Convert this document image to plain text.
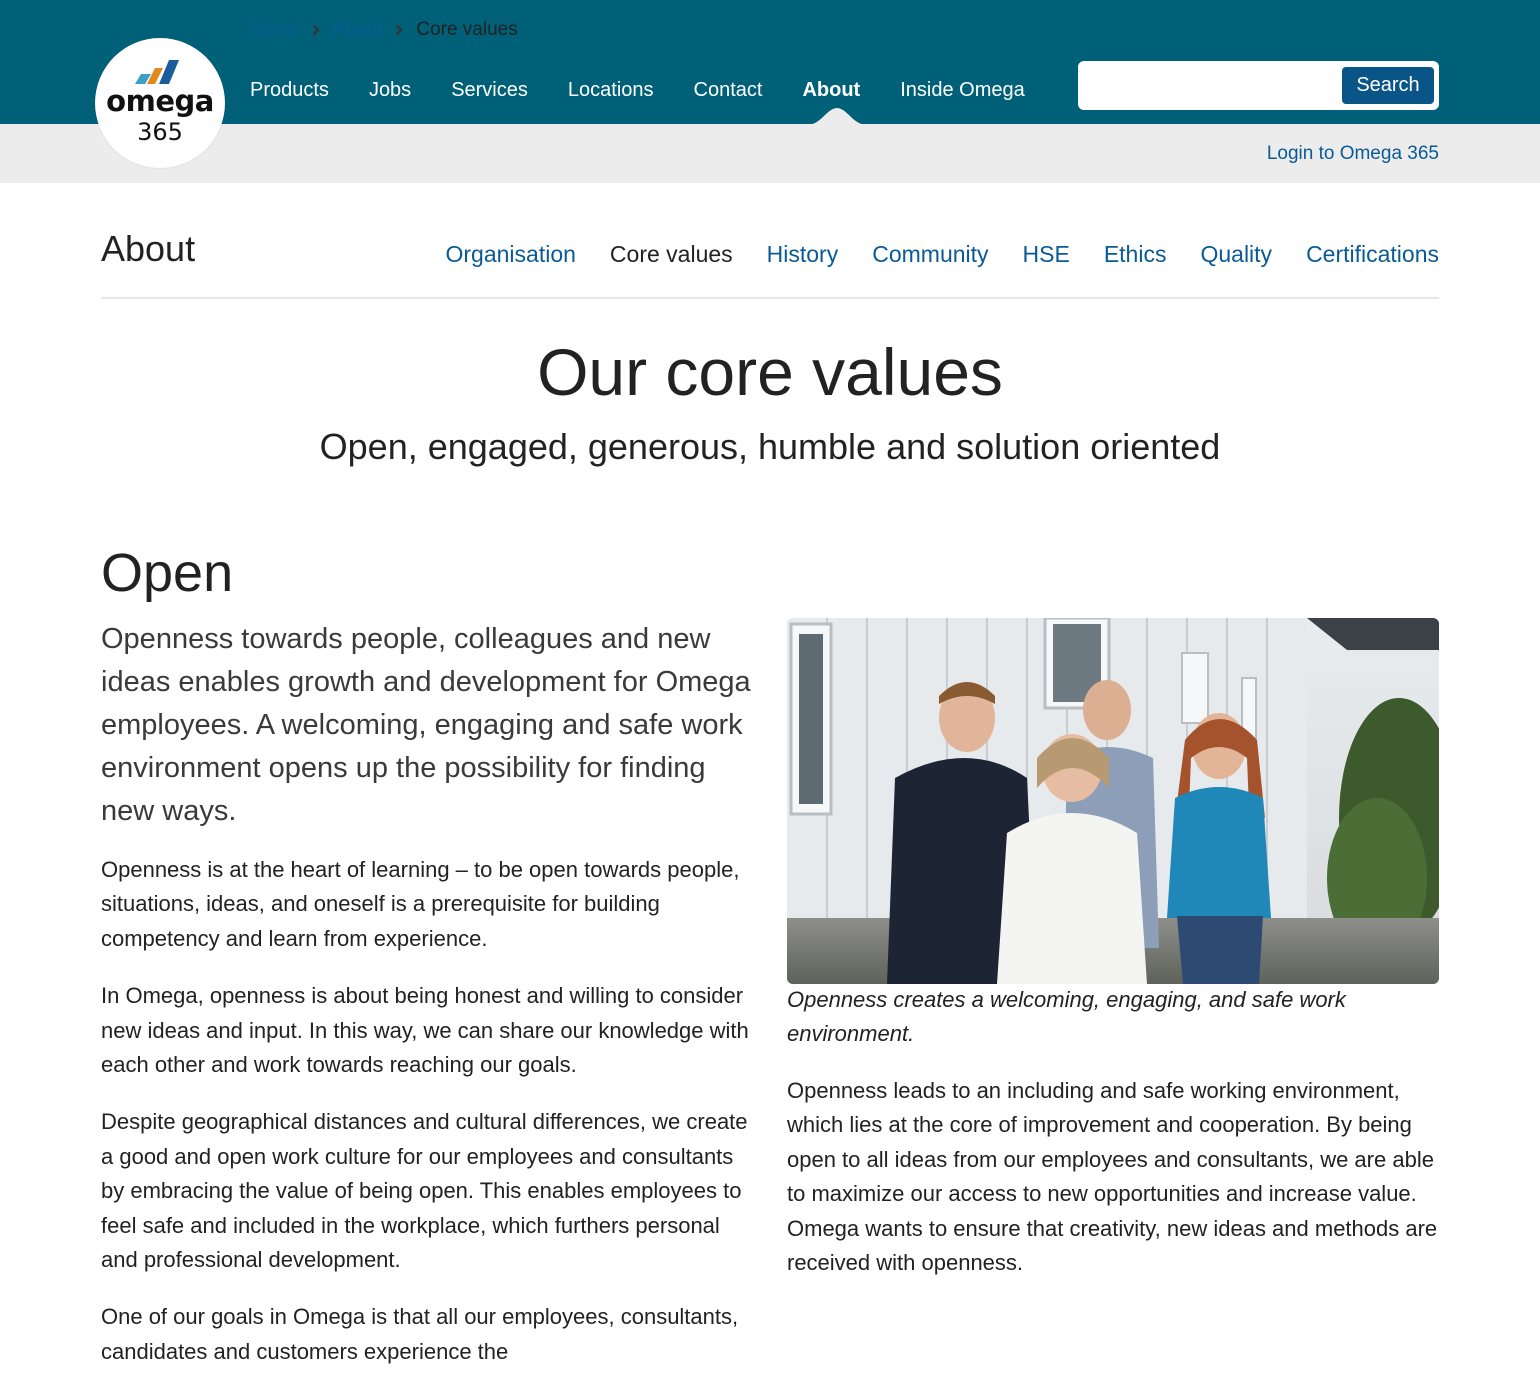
omega
365
Products	Jobs	Services	Locations	Contact	About	Inside Omega	Search
Home About Core values
Login to Omega 365
About	Organisation Core values History Community HSE Ethics Quality Certifications
Our core values
Open, engaged, generous, humble and solution oriented
Open

Openness towards people, colleagues and new ideas enables growth and development for Omega employees. A welcoming, engaging and safe work environment opens up the possibility for finding new ways.

Openness is at the heart of learning – to be open towards people, situations, ideas, and oneself is a prerequisite for building competency and learn from experience.

In Omega, openness is about being honest and willing to consider new ideas and input. In this way, we can share our knowledge with each other and work towards reaching our goals.

Despite geographical distances and cultural differences, we create a good and open work culture for our employees and consultants by embracing the value of being open. This enables employees to feel safe and included in the workplace, which furthers personal and professional development.

One of our goals in Omega is that all our employees, consultants, candidates and customers experience the

Openness creates a welcoming, engaging, and safe work environment.

Openness leads to an including and safe working environment, which lies at the core of improvement and cooperation. By being open to all ideas from our employees and consultants, we are able to maximize our access to new opportunities and increase value. Omega wants to ensure that creativity, new ideas and methods are received with openness.
